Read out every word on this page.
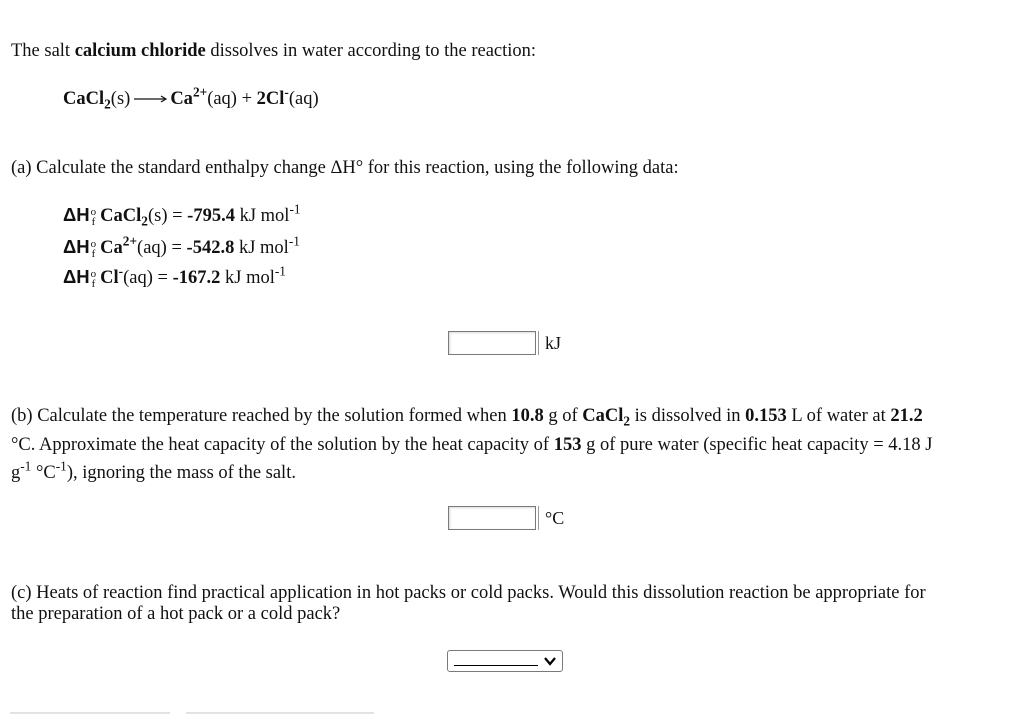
The salt calcium chloride dissolves in water according to the reaction:
CaCl$_2$(s) → $Ca^{2+}(aq) + 2Cl^-(aq)$
(a) Calculate the standard enthalpy change ΔH° for this reaction, using the following data:
ΔH o
f CaCl$_2$(s) = -795.4 kJ mol$^{-1}$
ΔH o
f $Ca^{2+}(aq) = -542.8$ kJ mol$^{-1}$
ΔH o
f Cl-(aq) = -167.2 kJ mol$^{-1}$
kJ
(b) Calculate the temperature reached by the solution formed when 10.8 g of CaCl$_2$ is dissolved in 0.153 L of water at 21.2
°C. Approximate the heat capacity of the solution by the heat capacity of 153 g of pure water (specific heat capacity = 4.18 J
$g^{-1}$ $^\circ C^{-1}$), ignoring the mass of the salt.
°C
(c) Heats of reaction find practical application in hot packs or cold packs. Would this dissolution reaction be appropriate for
the preparation of a hot pack or a cold pack?
